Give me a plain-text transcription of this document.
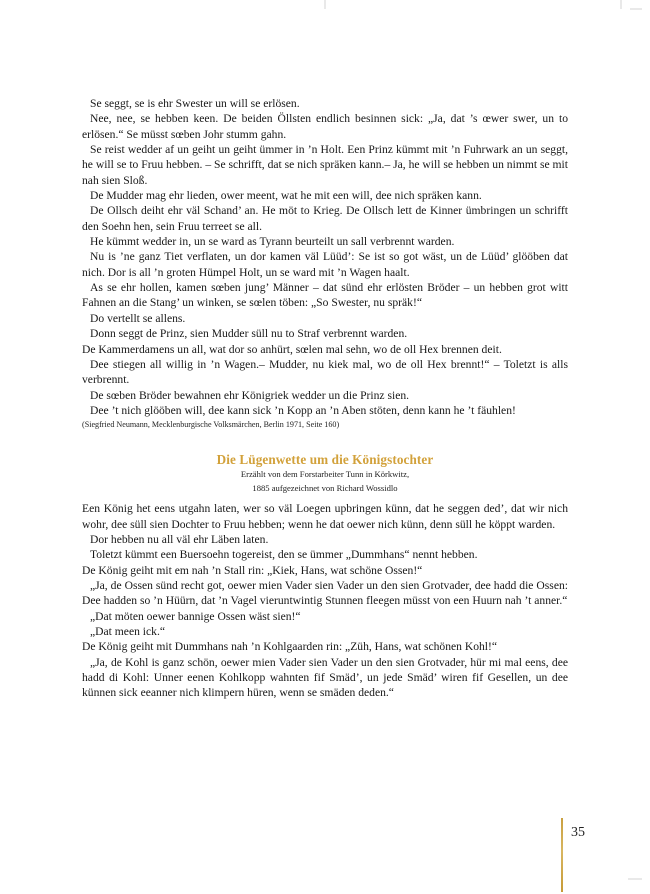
Se seggt, se is ehr Swester un will se erlösen.

Nee, nee, se hebben keen. De beiden Öllsten endlich besinnen sick: „Ja, dat ’s œwer swer, un to erlösen.“ Se müsst sœben Johr stumm gahn.

Se reist wedder af un geiht un geiht ümmer in ’n Holt. Een Prinz kümmt mit ’n Fuhrwark an un seggt, he will se to Fruu hebben. – Se schrifft, dat se nich spräken kann.– Ja, he will se hebben un nimmt se mit nah sien Sloß.

De Mudder mag ehr lieden, ower meent, wat he mit een will, dee nich spräken kann.

De Ollsch deiht ehr väl Schand’ an. He möt to Krieg. De Ollsch lett de Kinner ümbringen un schrifft den Soehn hen, sein Fruu terreet se all.

He kümmt wedder in, un se ward as Tyrann beurteilt un sall verbrennt warden.

Nu is ’ne ganz Tiet verflaten, un dor kamen väl Lüüd’: Se ist so got wäst, un de Lüüd’ glööben dat nich. Dor is all ’n groten Hümpel Holt, un se ward mit ’n Wagen haalt.

As se ehr hollen, kamen sœben jung’ Männer – dat sünd ehr erlösten Bröder – un hebben grot witt Fahnen an die Stang’ un winken, se sœlen töben: „So Swester, nu spräk!“

Do vertellt se allens.

Donn seggt de Prinz, sien Mudder süll nu to Straf verbrennt warden.

De Kammerdamens un all, wat dor so anhürt, sœlen mal sehn, wo de oll Hex brennen deit.

Dee stiegen all willig in ’n Wagen.– Mudder, nu kiek mal, wo de oll Hex brennt!“ – Toletzt is alls verbrennt.

De sœben Bröder bewahnen ehr Königriek wedder un die Prinz sien.

Dee ’t nich glööben will, dee kann sick ’n Kopp an ’n Aben stöten, denn kann he ’t fäuhlen!

(Siegfried Neumann, Mecklenburgische Volksmärchen, Berlin 1971, Seite 160)

Die Lügenwette um die Königstochter

Erzählt von dem Forstarbeiter Tunn in Körkwitz,

1885 aufgezeichnet von Richard Wossidlo

Een König het eens utgahn laten, wer so väl Loegen upbringen künn, dat he seggen ded’, dat wir nich wohr, dee süll sien Dochter to Fruu hebben; wenn he dat oewer nich künn, denn süll he köppt warden.

Dor hebben nu all väl ehr Läben laten.

Toletzt kümmt een Buersoehn togereist, den se ümmer „Dummhans“ nennt hebben.

De König geiht mit em nah ’n Stall rin: „Kiek, Hans, wat schöne Ossen!“

„Ja, de Ossen sünd recht got, oewer mien Vader sien Vader un den sien Grotvader, dee hadd die Ossen: Dee hadden so ’n Hüürn, dat ’n Vagel vieruntwintig Stunnen fleegen müsst von een Huurn nah ’t anner.“

„Dat möten oewer bannige Ossen wäst sien!“

„Dat meen ick.“

De König geiht mit Dummhans nah ’n Kohlgaarden rin: „Züh, Hans, wat schönen Kohl!“

„Ja, de Kohl is ganz schön, oewer mien Vader sien Vader un den sien Grotvader, hür mi mal eens, dee hadd di Kohl: Unner eenen Kohlkopp wahnten fif Smäd’, un jede Smäd’ wiren fif Gesellen, un dee künnen sick eeanner nich klimpern hüren, wenn se smäden deden.“

35
